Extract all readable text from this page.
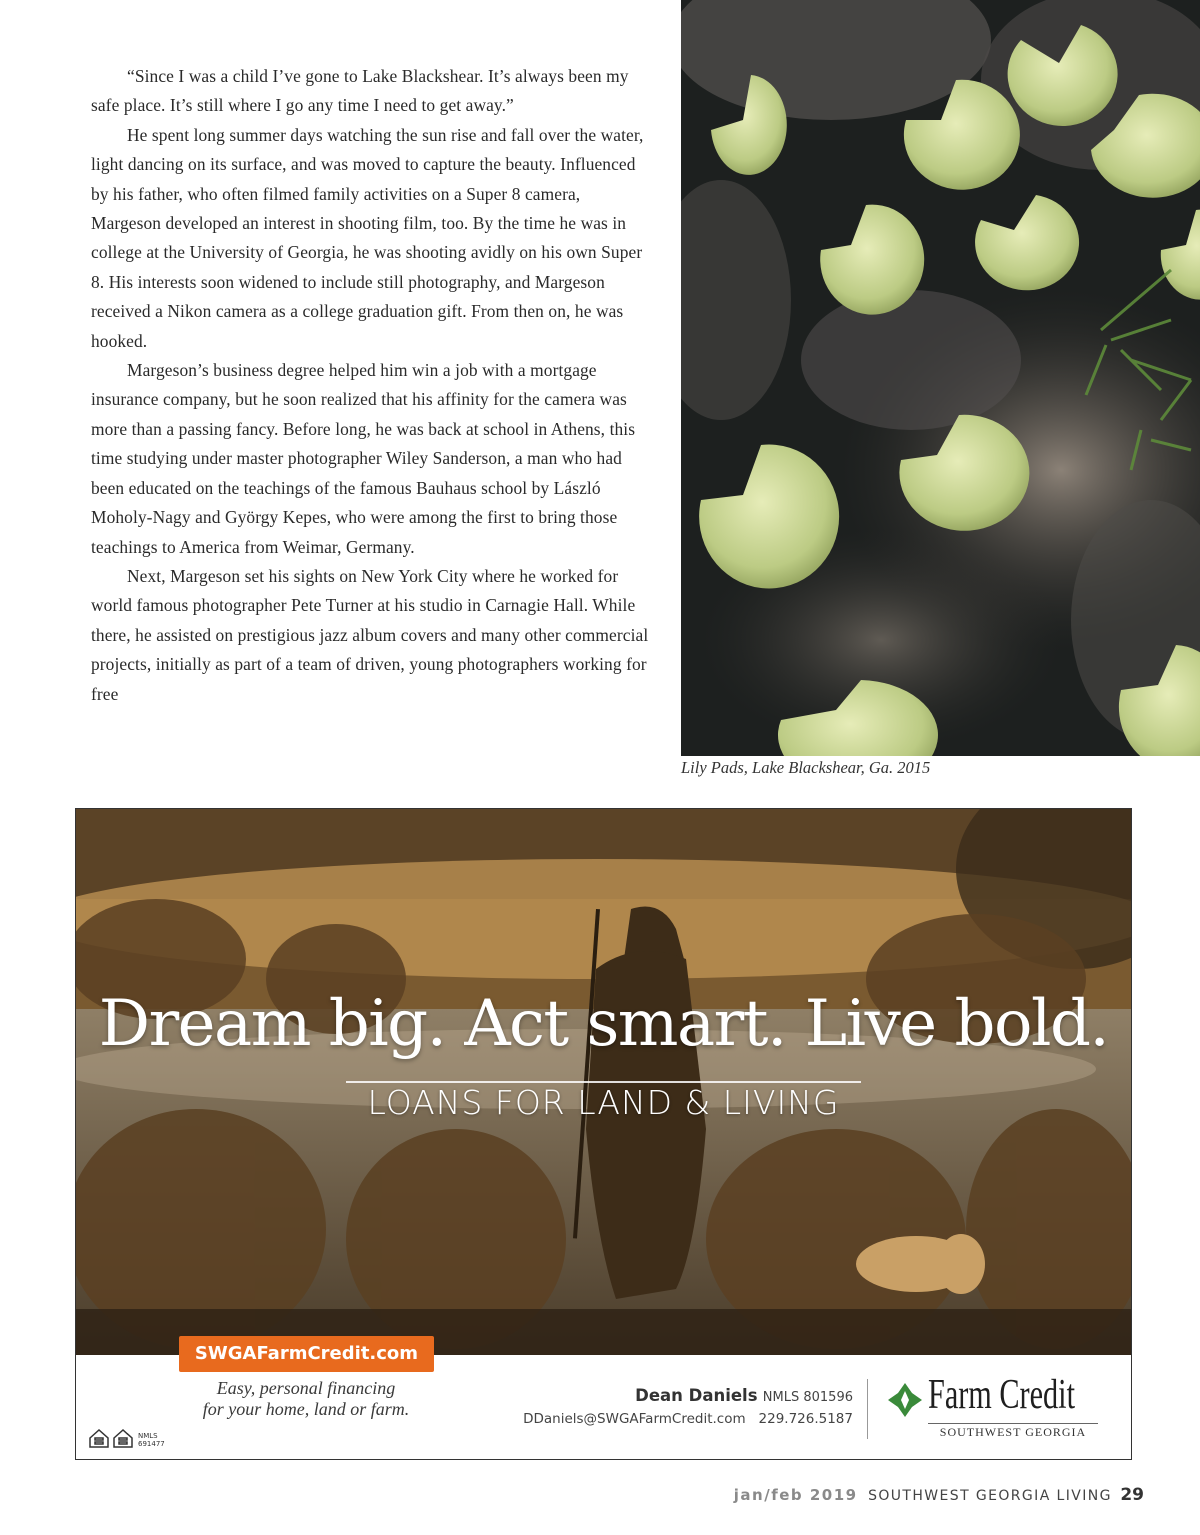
“Since I was a child I’ve gone to Lake Blackshear. It’s always been my safe place. It’s still where I go any time I need to get away.”

He spent long summer days watching the sun rise and fall over the water, light dancing on its surface, and was moved to capture the beauty. Influenced by his father, who often filmed family activities on a Super 8 camera, Margeson developed an interest in shooting film, too. By the time he was in college at the University of Georgia, he was shooting avidly on his own Super 8. His interests soon widened to include still photography, and Margeson received a Nikon camera as a college graduation gift. From then on, he was hooked.

Margeson’s business degree helped him win a job with a mortgage insurance company, but he soon realized that his affinity for the camera was more than a passing fancy. Before long, he was back at school in Athens, this time studying under master photographer Wiley Sanderson, a man who had been educated on the teachings of the famous Bauhaus school by László Moholy-Nagy and György Kepes, who were among the first to bring those teachings to America from Weimar, Germany.

Next, Margeson set his sights on New York City where he worked for world famous photographer Pete Turner at his studio in Carnagie Hall. While there, he assisted on prestigious jazz album covers and many other commercial projects, initially as part of a team of driven, young photographers working for free

Lily Pads, Lake Blackshear, Ga. 2015
Dream big. Act smart. Live bold.
LOANS FOR LAND & LIVING
SWGAFarmCredit.com
Easy, personal financing
for your home, land or farm.
NMLS
691477
Dean Daniels NMLS 801596
DDaniels@SWGAFarmCredit.com 229.726.5187
Farm Credit
SOUTHWEST GEORGIA
jan/feb 2019 SOUTHWEST GEORGIA LIVING 29
